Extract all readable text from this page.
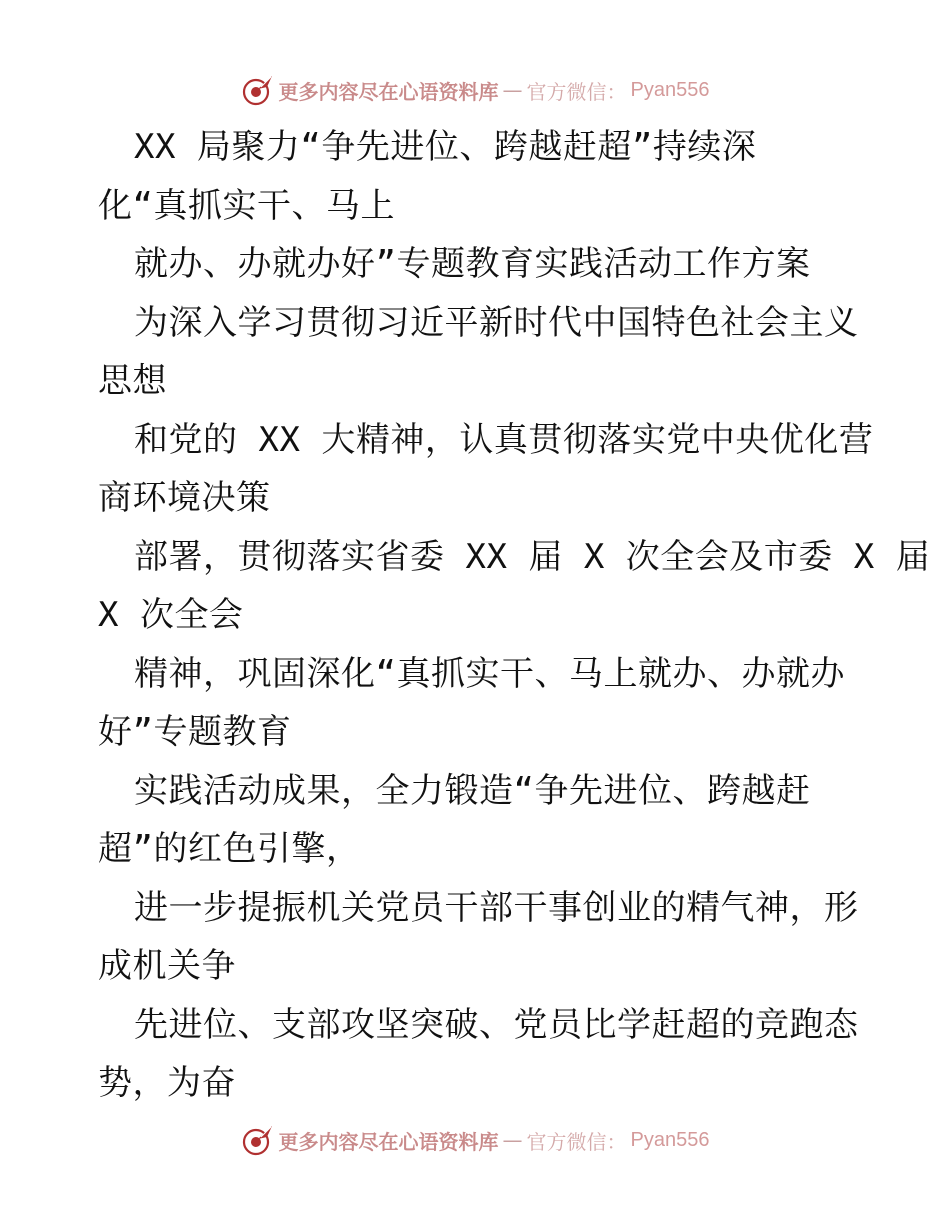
更多内容尽在心语资料库 — 官方微信： Pyan556
XX 局聚力“争先进位、跨越赶超”持续深
化“真抓实干、马上
就办、办就办好”专题教育实践活动工作方案
为深入学习贯彻习近平新时代中国特色社会主义
思想
和党的 XX 大精神，认真贯彻落实党中央优化营
商环境决策
部署，贯彻落实省委 XX 届 X 次全会及市委 X 届
X 次全会
精神，巩固深化“真抓实干、马上就办、办就办
好”专题教育
实践活动成果，全力锻造“争先进位、跨越赶
超”的红色引擎，
进一步提振机关党员干部干事创业的精气神，形
成机关争
先进位、支部攻坚突破、党员比学赶超的竞跑态
势，为奋
更多内容尽在心语资料库 — 官方微信： Pyan556
